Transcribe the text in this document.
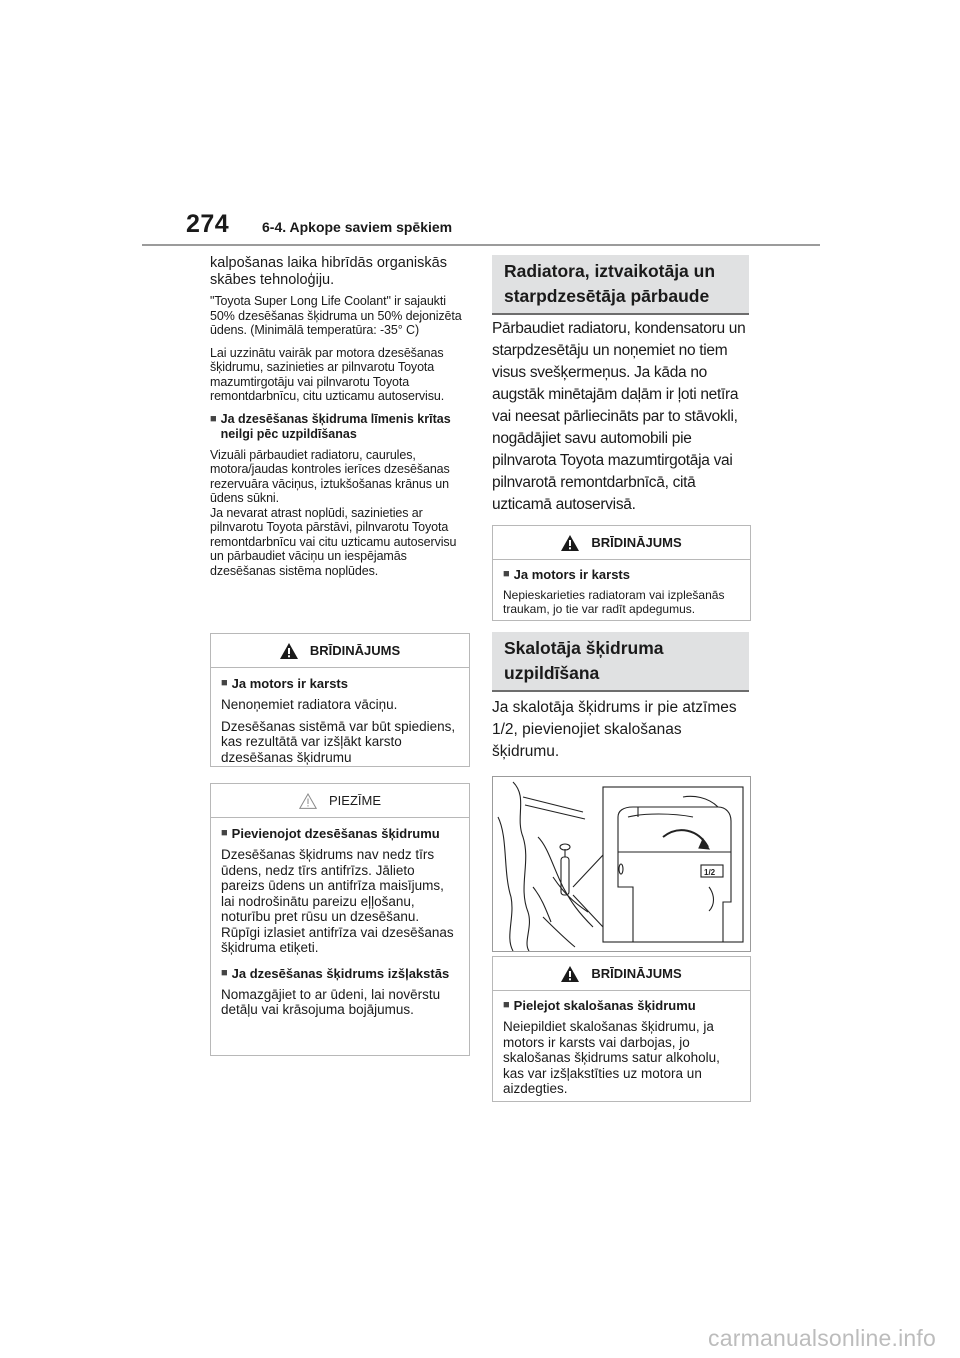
274 6-4. Apkope saviem spēkiem

kalpošanas laika hibrīdās organiskās skābes tehnoloģiju.

"Toyota Super Long Life Coolant" ir sajaukti 50% dzesēšanas šķidruma un 50% dejonizēta ūdens. (Minimālā temperatūra: -35° C)

Lai uzzinātu vairāk par motora dzesēšanas šķidrumu, sazinieties ar pilnvarotu Toyota mazumtirgotāju vai pilnvarotu Toyota remontdarbnīcu, citu uzticamu autoservisu.

■ Ja dzesēšanas šķidruma līmenis krītas neilgi pēc uzpildīšanas

Vizuāli pārbaudiet radiatoru, caurules, motora/jaudas kontroles ierīces dzesēšanas rezervuāra vāciņus, iztukšošanas krānus un ūdens sūkni.
Ja nevarat atrast noplūdi, sazinieties ar pilnvarotu Toyota pārstāvi, pilnvarotu Toyota remontdarbnīcu vai citu uzticamu autoservisu un pārbaudiet vāciņu un iespējamās dzesēšanas sistēma noplūdes.

BRĪDINĀJUMS
■ Ja motors ir karsts

Nenoņemiet radiatora vāciņu.

Dzesēšanas sistēmā var būt spiediens, kas rezultātā var izšļākt karsto dzesēšanas šķidrumu

PIEZĪME
■ Pievienojot dzesēšanas šķidrumu

Dzesēšanas šķidrums nav nedz tīrs ūdens, nedz tīrs antifrīzs. Jālieto pareizs ūdens un antifrīza maisījums, lai nodrošinātu pareizu eļļošanu, noturību pret rūsu un dzesēšanu. Rūpīgi izlasiet antifrīza vai dzesēšanas šķidruma etiķeti.

■ Ja dzesēšanas šķidrums izšļakstās

Nomazgājiet to ar ūdeni, lai novērstu detāļu vai krāsojuma bojājumus.

Radiatora, iztvaikotāja un
starpdzesētāja pārbaude
Pārbaudiet radiatoru, kondensatoru un starpdzesētāju un noņemiet no tiem visus svešķermeņus. Ja kāda no augstāk minētajām daļām ir ļoti netīra vai neesat pārliecināts par to stāvokli, nogādājiet savu automobili pie pilnvarota Toyota mazumtirgotāja vai pilnvarotā remontdarbnīcā, citā uzticamā autoservisā.
BRĪDINĀJUMS
■ Ja motors ir karsts

Nepieskarieties radiatoram vai izplešanās traukam, jo tie var radīt apdegumus.

Skalotāja šķidruma
uzpildīšana
Ja skalotāja šķidrums ir pie atzīmes 1/2, pievienojiet skalošanas šķidrumu.
1/2
BRĪDINĀJUMS
■ Pielejot skalošanas šķidrumu

Neiepildiet skalošanas šķidrumu, ja motors ir karsts vai darbojas, jo skalošanas šķidrums satur alkoholu, kas var izšļakstīties uz motora un aizdegties.

carmanualsonline.info
